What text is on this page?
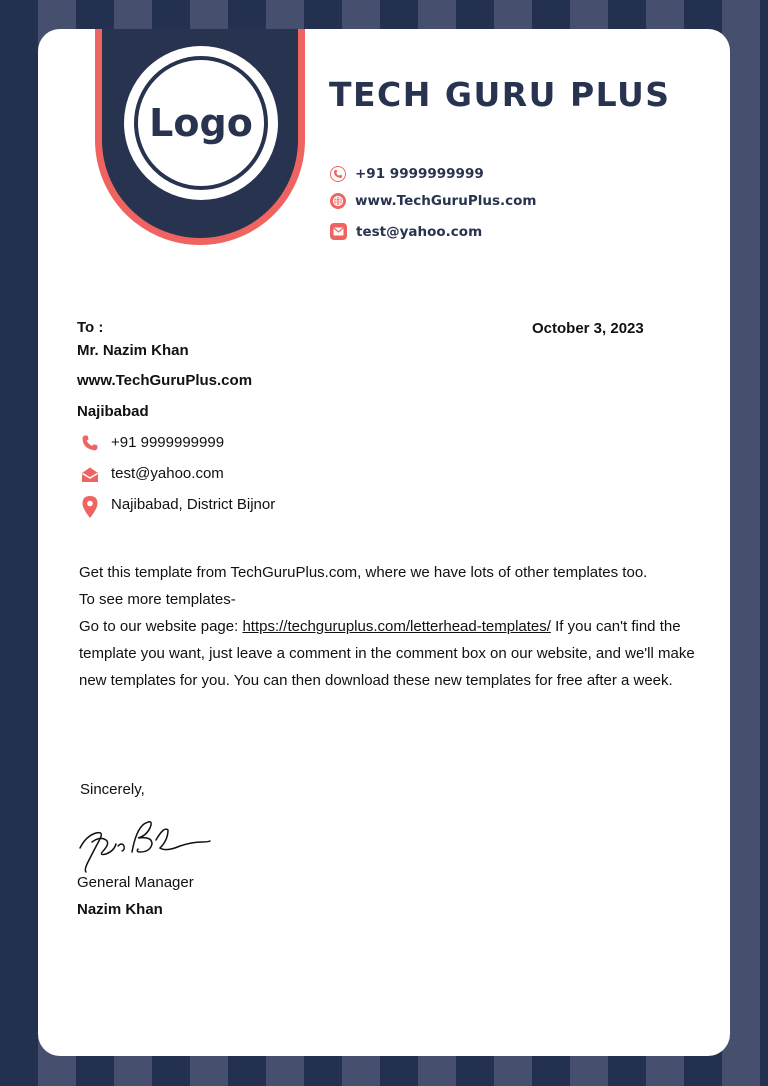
Logo
TECH GURU PLUS
+91 9999999999
www.TechGuruPlus.com
test@yahoo.com
To :	October 3, 2023
Mr. Nazim Khan
www.TechGuruPlus.com
Najibabad
+91 9999999999
test@yahoo.com
Najibabad, District Bijnor

Get this template from TechGuruPlus.com, where we have lots of other templates too.

To see more templates-

Go to our website page: https://techguruplus.com/letterhead-templates/ If you can't find the template you want, just leave a comment in the comment box on our website, and we'll make new templates for you. You can then download these new templates for free after a week.

Sincerely,
General Manager
Nazim Khan
